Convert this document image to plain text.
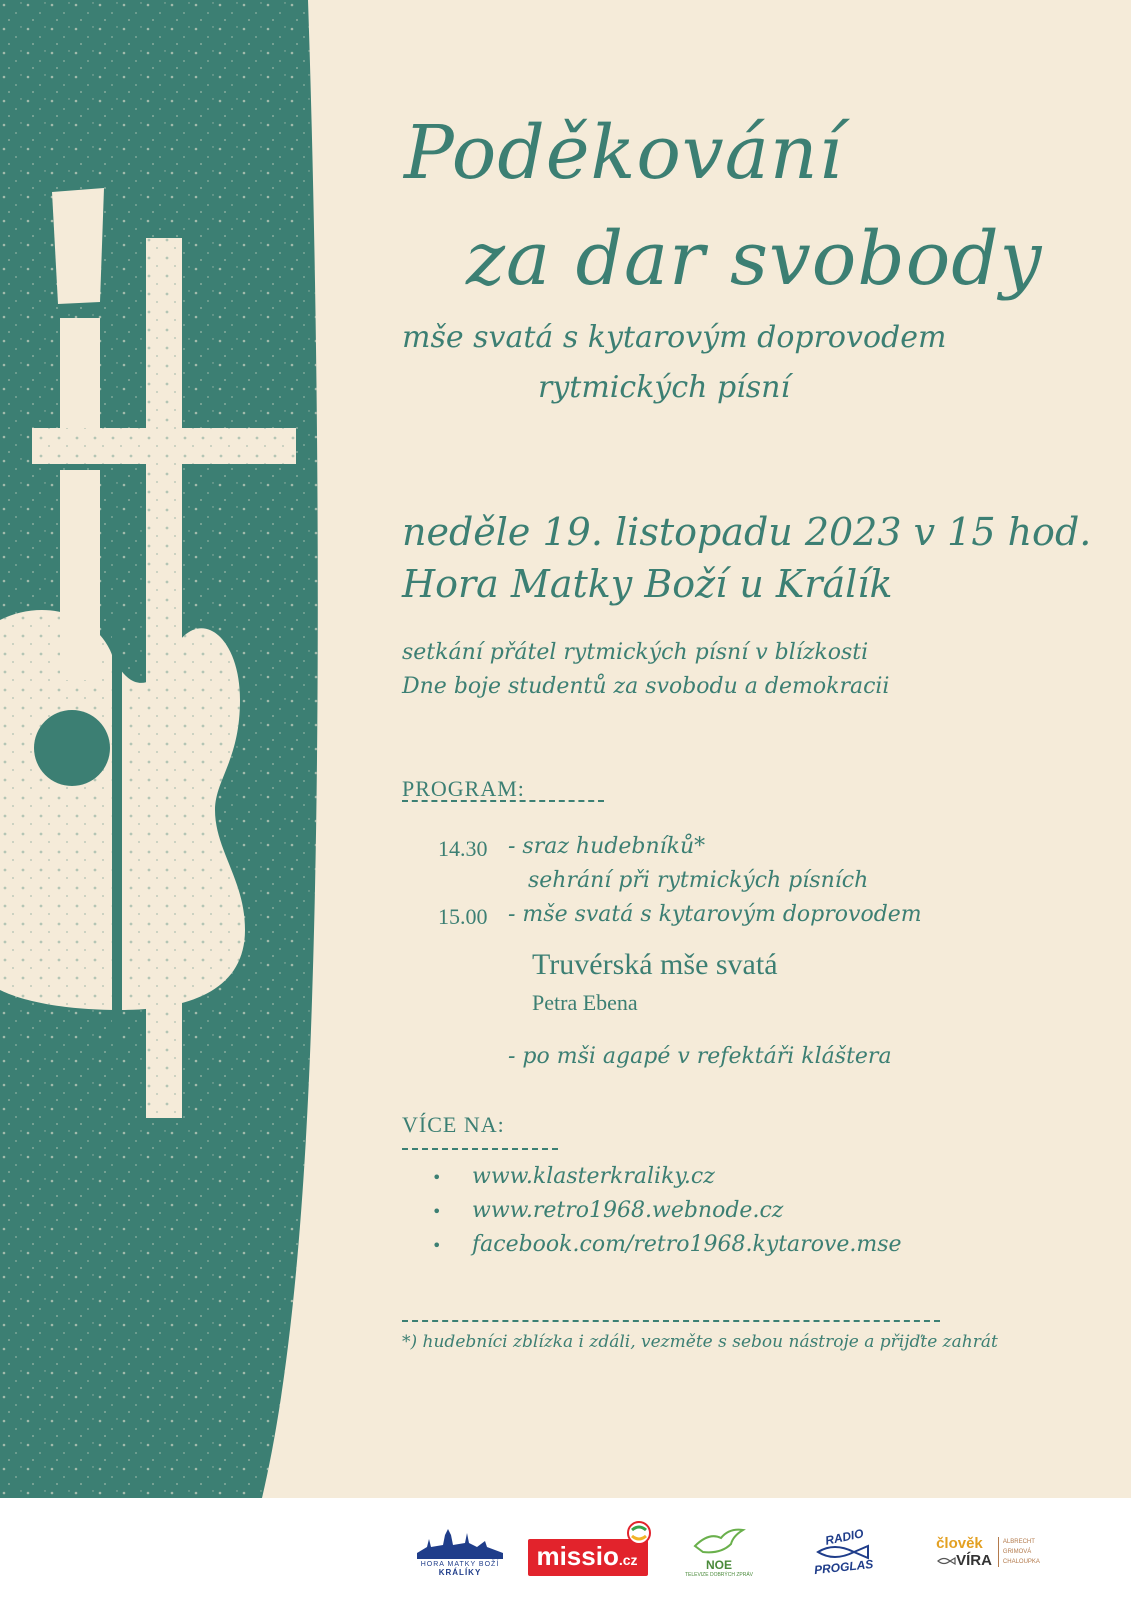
Poděkování
za dar svobody
mše svatá s kytarovým doprovodem
rytmických písní
neděle 19. listopadu 2023 v 15 hod.
Hora Matky Boží u Králík
setkání přátel rytmických písní v blízkosti
Dne boje studentů za svobodu a demokracii
PROGRAM:
14.30 - sraz hudebníků*
sehrání při rytmických písních
15.00 - mše svatá s kytarovým doprovodem
Truvérská mše svatá
Petra Ebena
- po mši agapé v refektáři kláštera
VÍCE NA:
• www.klasterkraliky.cz
• www.retro1968.webnode.cz
• facebook.com/retro1968.kytarove.mse
*) hudebníci zblízka i zdáli, vezměte s sebou nástroje a přijďte zahrát
HORA MATKY BOŽÍ
KRÁLÍKY
missio.cz	NOE
TELEVIZE DOBRÝCH ZPRÁV
RADIO
PROGLAS
člověk
VÍRA
ALBRECHT
GRIMOVÁ
CHALOUPKA
